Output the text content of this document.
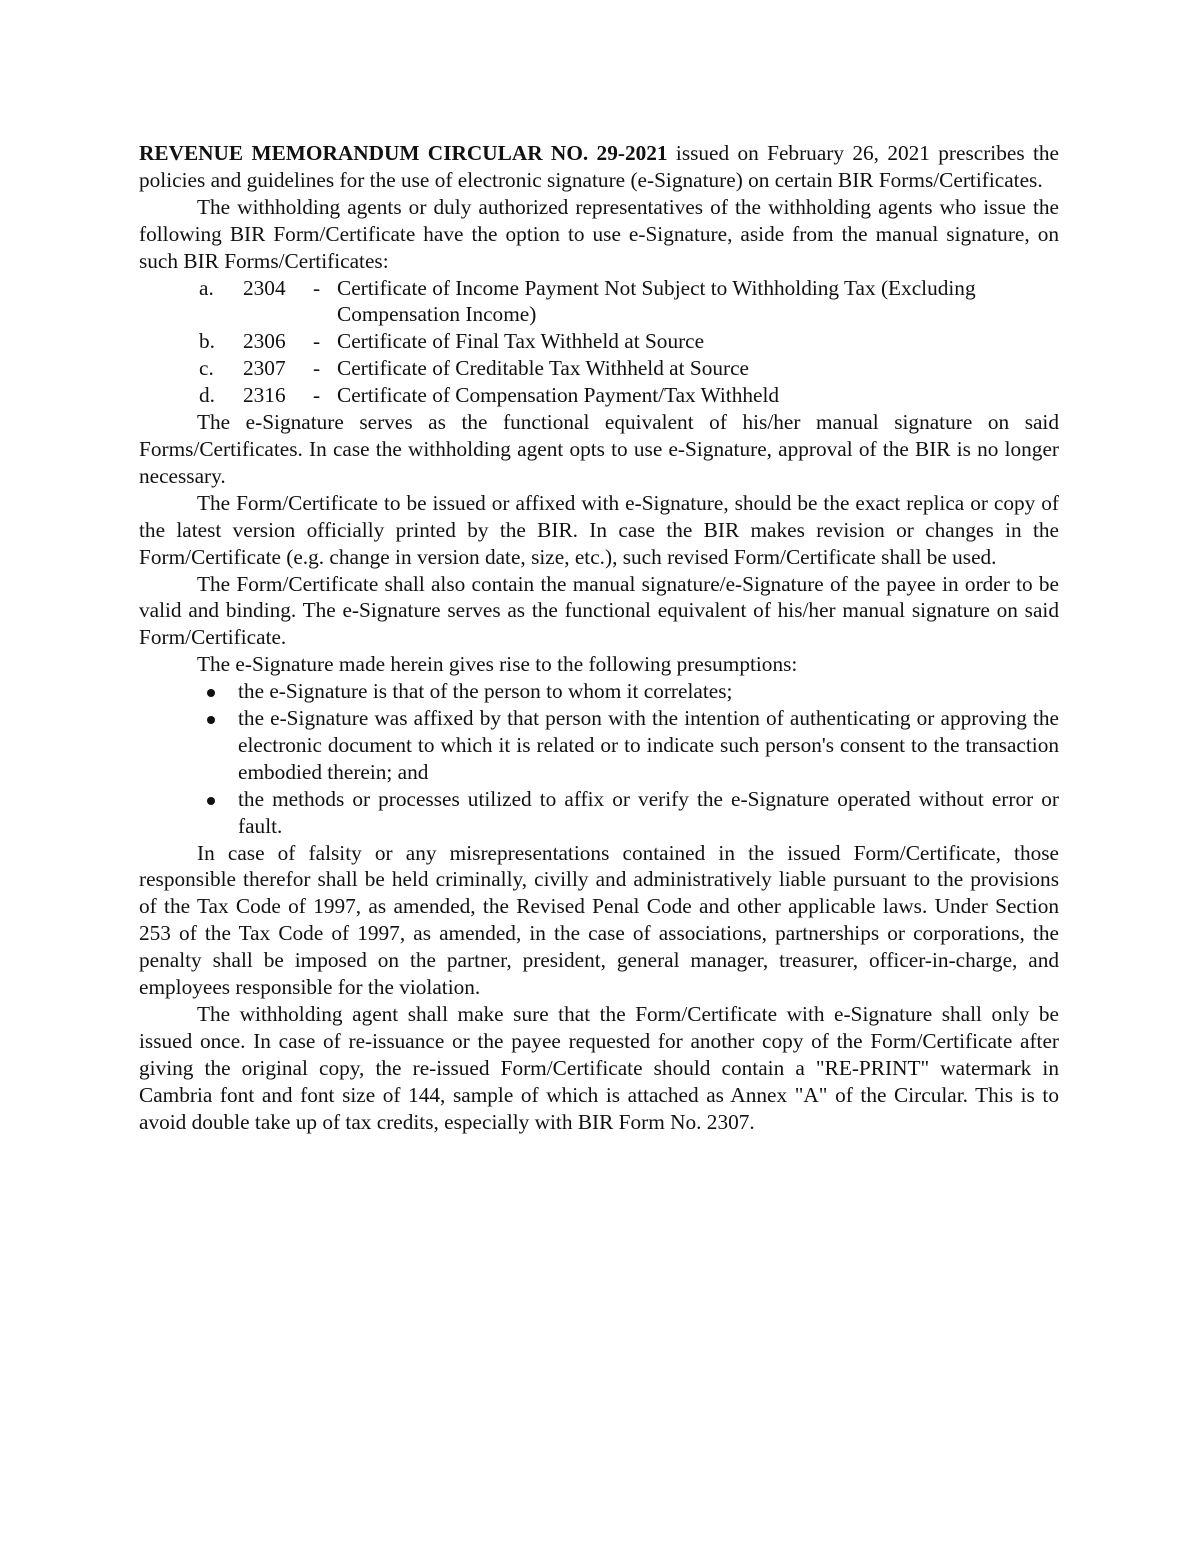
REVENUE MEMORANDUM CIRCULAR NO. 29-2021 issued on February 26, 2021 prescribes the policies and guidelines for the use of electronic signature (e-Signature) on certain BIR Forms/Certificates.

The withholding agents or duly authorized representatives of the withholding agents who issue the following BIR Form/Certificate have the option to use e-Signature, aside from the manual signature, on such BIR Forms/Certificates:

a. 2304 - Certificate of Income Payment Not Subject to Withholding Tax (Excluding Compensation Income)
b. 2306 - Certificate of Final Tax Withheld at Source
c. 2307 - Certificate of Creditable Tax Withheld at Source
d. 2316 - Certificate of Compensation Payment/Tax Withheld

The e-Signature serves as the functional equivalent of his/her manual signature on said Forms/Certificates. In case the withholding agent opts to use e-Signature, approval of the BIR is no longer necessary.

The Form/Certificate to be issued or affixed with e-Signature, should be the exact replica or copy of the latest version officially printed by the BIR. In case the BIR makes revision or changes in the Form/Certificate (e.g. change in version date, size, etc.), such revised Form/Certificate shall be used.

The Form/Certificate shall also contain the manual signature/e-Signature of the payee in order to be valid and binding. The e-Signature serves as the functional equivalent of his/her manual signature on said Form/Certificate.

The e-Signature made herein gives rise to the following presumptions:

the e-Signature is that of the person to whom it correlates;
the e-Signature was affixed by that person with the intention of authenticating or approving the electronic document to which it is related or to indicate such person's consent to the transaction embodied therein; and
the methods or processes utilized to affix or verify the e-Signature operated without error or fault.

In case of falsity or any misrepresentations contained in the issued Form/Certificate, those responsible therefor shall be held criminally, civilly and administratively liable pursuant to the provisions of the Tax Code of 1997, as amended, the Revised Penal Code and other applicable laws. Under Section 253 of the Tax Code of 1997, as amended, in the case of associations, partnerships or corporations, the penalty shall be imposed on the partner, president, general manager, treasurer, officer-in-charge, and employees responsible for the violation.

The withholding agent shall make sure that the Form/Certificate with e-Signature shall only be issued once. In case of re-issuance or the payee requested for another copy of the Form/Certificate after giving the original copy, the re-issued Form/Certificate should contain a "RE-PRINT" watermark in Cambria font and font size of 144, sample of which is attached as Annex "A" of the Circular. This is to avoid double take up of tax credits, especially with BIR Form No. 2307.
